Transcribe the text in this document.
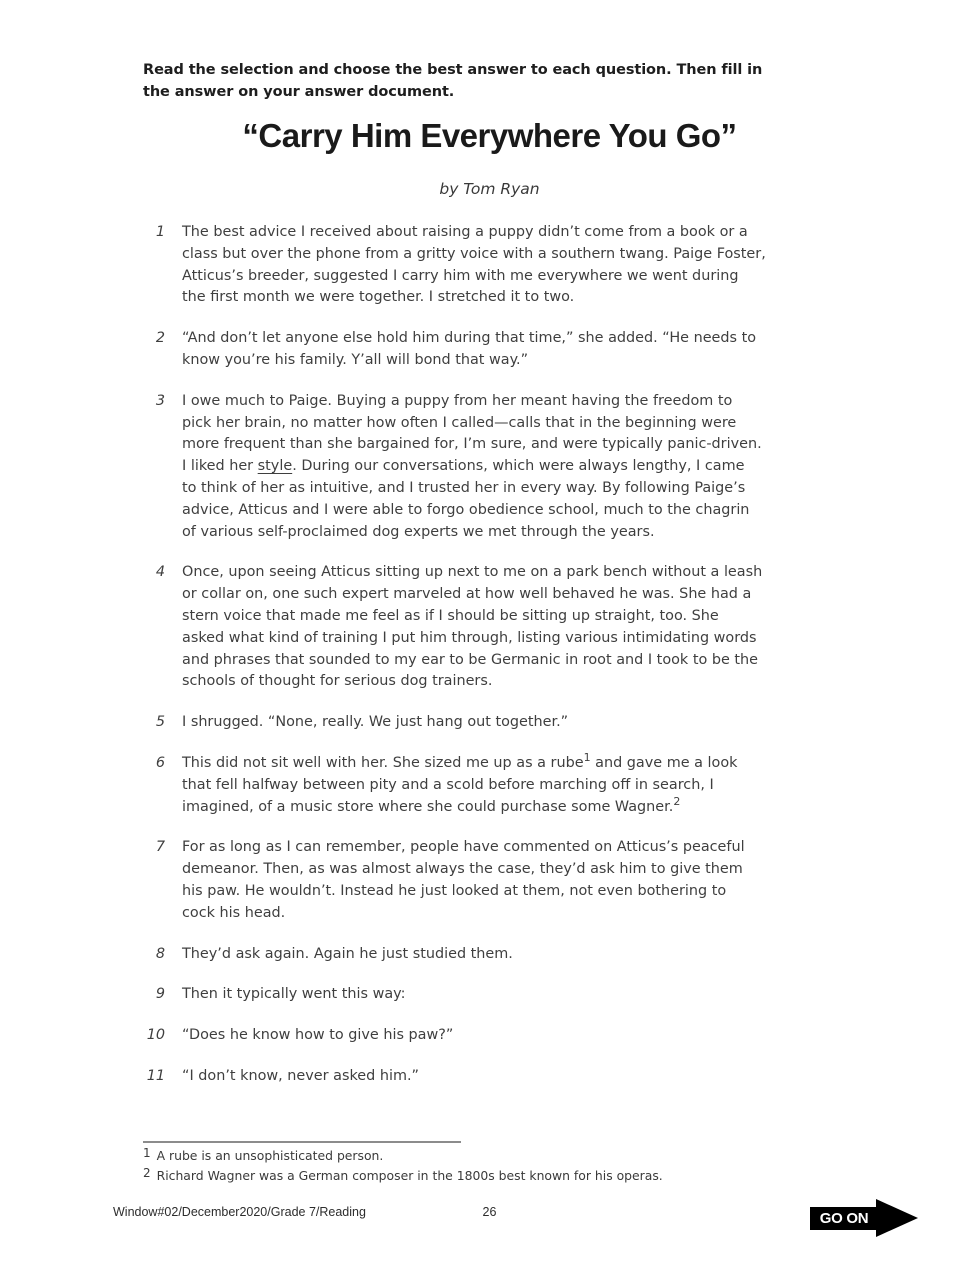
Read the selection and choose the best answer to each question. Then fill in
the answer on your answer document.
“Carry Him Everywhere You Go”
by Tom Ryan
1 The best advice I received about raising a puppy didn’t come from a book or a
class but over the phone from a gritty voice with a southern twang. Paige Foster,
Atticus’s breeder, suggested I carry him with me everywhere we went during
the first month we were together. I stretched it to two.
2 “And don’t let anyone else hold him during that time,” she added. “He needs to
know you’re his family. Y’all will bond that way.”
3 I owe much to Paige. Buying a puppy from her meant having the freedom to
pick her brain, no matter how often I called—calls that in the beginning were
more frequent than she bargained for, I’m sure, and were typically panic-driven.
I liked her style. During our conversations, which were always lengthy, I came
to think of her as intuitive, and I trusted her in every way. By following Paige’s
advice, Atticus and I were able to forgo obedience school, much to the chagrin
of various self-proclaimed dog experts we met through the years.
4 Once, upon seeing Atticus sitting up next to me on a park bench without a leash
or collar on, one such expert marveled at how well behaved he was. She had a
stern voice that made me feel as if I should be sitting up straight, too. She
asked what kind of training I put him through, listing various intimidating words
and phrases that sounded to my ear to be Germanic in root and I took to be the
schools of thought for serious dog trainers.
5 I shrugged. “None, really. We just hang out together.”
6 This did not sit well with her. She sized me up as a rube$^1$ and gave me a look
that fell halfway between pity and a scold before marching off in search, I
imagined, of a music store where she could purchase some Wagner.$^2$
7 For as long as I can remember, people have commented on Atticus’s peaceful
demeanor. Then, as was almost always the case, they’d ask him to give them
his paw. He wouldn’t. Instead he just looked at them, not even bothering to
cock his head.
8 They’d ask again. Again he just studied them.
9 Then it typically went this way:
10 “Does he know how to give his paw?”
11 “I don’t know, never asked him.”
$^1$ A rube is an unsophisticated person.
$^2$ Richard Wagner was a German composer in the 1800s best known for his operas.
Window#02/December2020/Grade 7/Reading	26	GO ON
